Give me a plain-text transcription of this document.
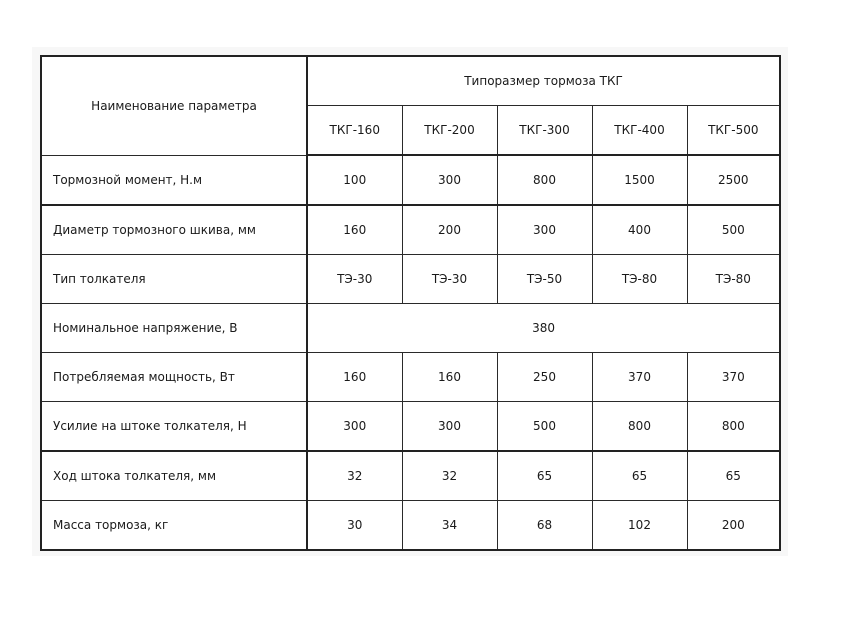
Наименование параметра	Типоразмер тормоза ТКГ				
	ТКГ-160	ТКГ-200	ТКГ-300	ТКГ-400	ТКГ-500
Тормозной момент, Н.м	100	300	800	1500	2500
Диаметр тормозного шкива, мм	160	200	300	400	500
Тип толкателя	ТЭ-30	ТЭ-30	ТЭ-50	ТЭ-80	ТЭ-80
Номинальное напряжение, В	380				
Потребляемая мощность, Вт	160	160	250	370	370
Усилие на штоке толкателя, Н	300	300	500	800	800
Ход штока толкателя, мм	32	32	65	65	65
Масса тормоза, кг	30	34	68	102	200
